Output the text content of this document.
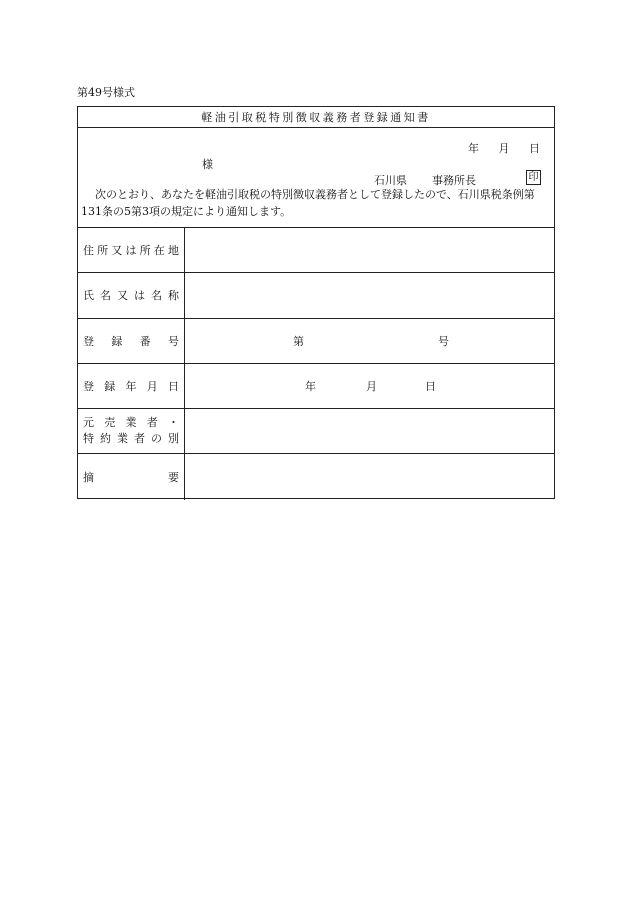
第49号様式
軽油引取税特別徴収義務者登録通知書
年 月 日
様
石川県 事務所長	印

次のとおり、あなたを軽油引取税の特別徴収義務者として登録したので、石川県税条例第131条の5第3項の規定により通知します。

住 所 又 は 所 在 地
氏 名 又 は 名 称
登 録 番 号	第	号
登 録 年 月 日	年	月	日
元 売 業 者 ・
特 約 業 者 の 別
摘	要
